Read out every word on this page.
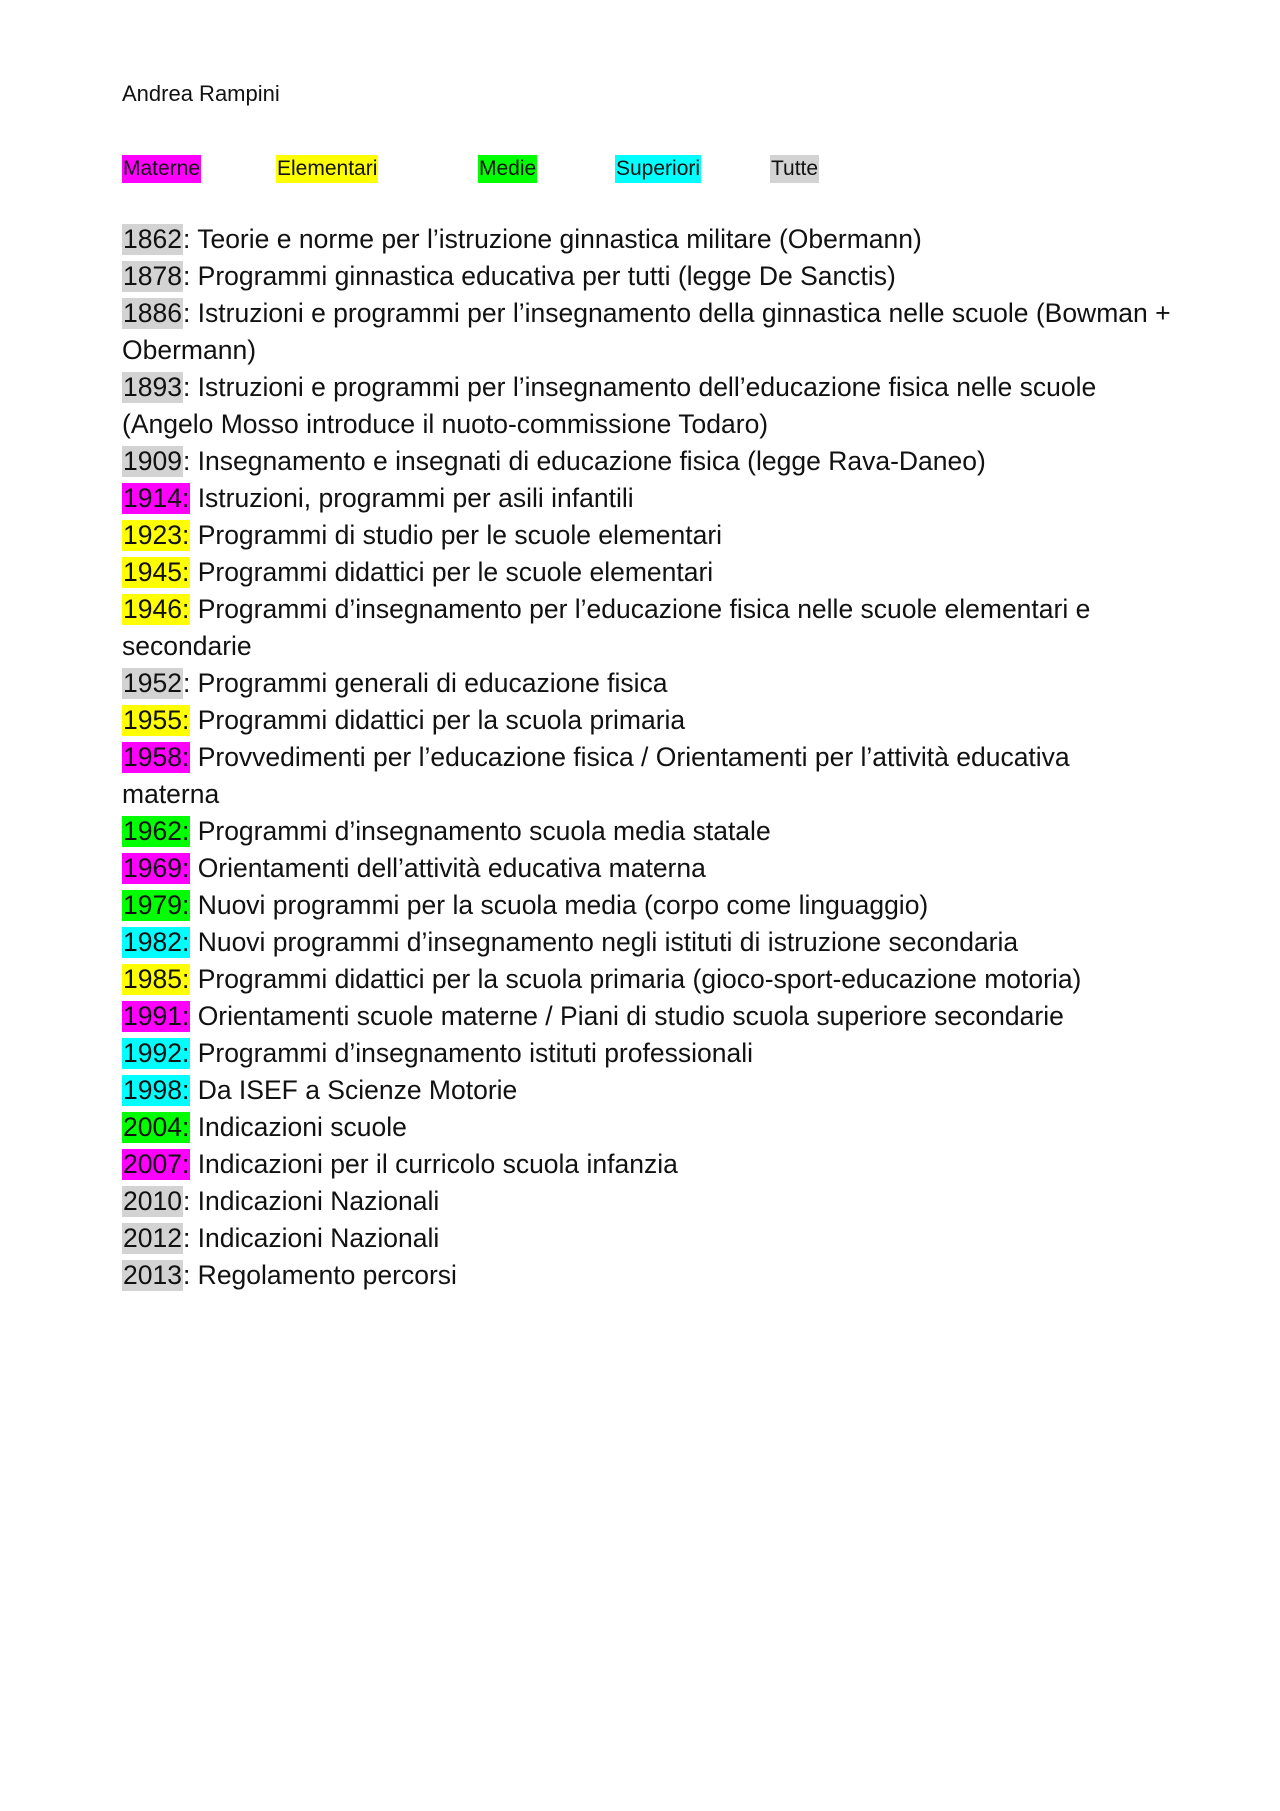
Andrea Rampini
Materne	Elementari	Medie	Superiori	Tutte
1862: Teorie e norme per l’istruzione ginnastica militare (Obermann)
1878: Programmi ginnastica educativa per tutti (legge De Sanctis)
1886: Istruzioni e programmi per l’insegnamento della ginnastica nelle scuole (Bowman + Obermann)
1893: Istruzioni e programmi per l’insegnamento dell’educazione fisica nelle scuole (Angelo Mosso introduce il nuoto-commissione Todaro)
1909: Insegnamento e insegnati di educazione fisica (legge Rava-Daneo)
1914: Istruzioni, programmi per asili infantili
1923: Programmi di studio per le scuole elementari
1945: Programmi didattici per le scuole elementari
1946: Programmi d’insegnamento per l’educazione fisica nelle scuole elementari e secondarie
1952: Programmi generali di educazione fisica
1955: Programmi didattici per la scuola primaria
1958: Provvedimenti per l’educazione fisica / Orientamenti per l’attività educativa materna
1962: Programmi d’insegnamento scuola media statale
1969: Orientamenti dell’attività educativa materna
1979: Nuovi programmi per la scuola media (corpo come linguaggio)
1982: Nuovi programmi d’insegnamento negli istituti di istruzione secondaria
1985: Programmi didattici per la scuola primaria (gioco-sport-educazione motoria)
1991: Orientamenti scuole materne / Piani di studio scuola superiore secondarie
1992: Programmi d’insegnamento istituti professionali
1998: Da ISEF a Scienze Motorie
2004: Indicazioni scuole
2007: Indicazioni per il curricolo scuola infanzia
2010: Indicazioni Nazionali
2012: Indicazioni Nazionali
2013: Regolamento percorsi
